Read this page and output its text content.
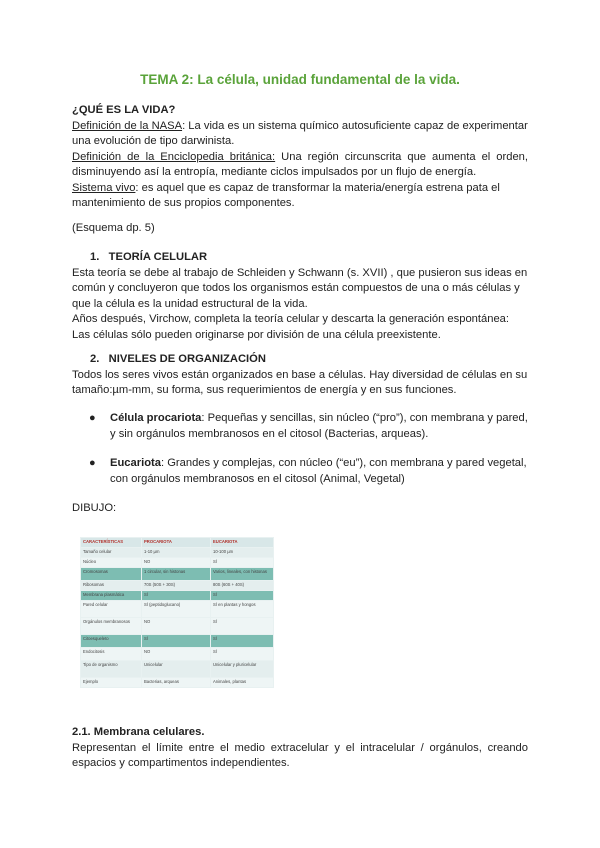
TEMA 2: La célula, unidad fundamental de la vida.

¿QUÉ ES LA VIDA?

Definición de la NASA: La vida es un sistema químico autosuficiente capaz de experimentar una evolución de tipo darwinista.

Definición de la Enciclopedia británica: Una región circunscrita que aumenta el orden, disminuyendo así la entropía, mediante ciclos impulsados por un flujo de energía.

Sistema vivo: es aquel que es capaz de transformar la materia/energía estrena pata el mantenimiento de sus propios componentes.

(Esquema dp. 5)

1. TEORÍA CELULAR

Esta teoría se debe al trabajo de Schleiden y Schwann (s. XVII) , que pusieron sus ideas en común y concluyeron que todos los organismos están compuestos de una o más células y que la célula es la unidad estructural de la vida.

Años después, Virchow, completa la teoría celular y descarta la generación espontánea: Las células sólo pueden originarse por división de una célula preexistente.

2. NIVELES DE ORGANIZACIÓN

Todos los seres vivos están organizados en base a células. Hay diversidad de células en su tamaño:µm-mm, su forma, sus requerimientos de energía y en sus funciones.

● Célula procariota: Pequeñas y sencillas, sin núcleo (“pro”), con membrana y pared, y sin orgánulos membranosos en el citosol (Bacterias, arqueas).
● Eucariota: Grandes y complejas, con núcleo (“eu”), con membrana y pared vegetal, con orgánulos membranosos en el citosol (Animal, Vegetal)

DIBUJO:

CARACTERÍSTICAS	PROCARIOTA	EUCARIOTA
Tamaño celular	1-10 µm	10-100 µm
Núcleo	NO	SÍ
Cromosomas	1 circular, sin histonas	Varios, lineales, con histonas
Ribosomas	70S (50S + 30S)	80S (60S + 40S)
Membrana plasmática	SÍ	SÍ
Pared celular	SÍ (peptidoglucano)	SÍ en plantas y hongos
Orgánulos membranosos	NO	SÍ
Citoesqueleto	SÍ	SÍ
Endocitosis	NO	SÍ
Tipo de organismo	Unicelular	Unicelular y pluricelular
Ejemplo	Bacterias, arqueas	Animales, plantas

2.1. Membrana celulares.

Representan el límite entre el medio extracelular y el intracelular / orgánulos, creando espacios y compartimentos independientes.
